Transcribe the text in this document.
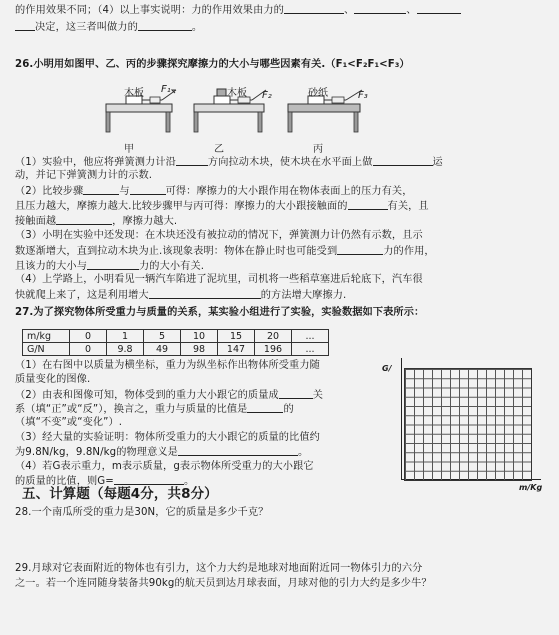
的作用效果不同；（4）以上事实说明：力的作用效果由力的	、	、
决定，这三者叫做力的	。
26.小明用如图甲、乙、丙的步骤探究摩擦力的大小与哪些因素有关.（F₁<F₂F₁<F₃）
木板 F₁
甲
木板 F₂
乙
砂纸	F₃
丙
（1）实验中，他应将弹簧测力计沿	方向拉动木块，使木块在水平面上做	运
动，并记下弹簧测力计的示数.
（2）比较步骤	与	可得：摩擦力的大小跟作用在物体表面上的压力有关，
且压力越大，摩擦力越大.比较步骤甲与丙可得：摩擦力的大小跟接触面的	有关，且
接触面越	，摩擦力越大.
（3）小明在实验中还发现：在木块还没有被拉动的情况下，弹簧测力计仍然有示数，且示
数逐渐增大，直到拉动木块为止.该现象表明：物体在静止时也可能受到	力的作用，
且该力的大小与	力的大小有关.
（4）上学路上，小明看见一辆汽车陷进了泥坑里，司机将一些稻草塞进后轮底下，汽车很
快就爬上来了，这是利用增大	的方法增大摩擦力.
27.为了探究物体所受重力与质量的关系，某实验小组进行了实验，实验数据如下表所示：
m/kg	0	1	5	10	15	20	...
G/N	0	9.8	49	98	147	196	...
（1）在右图中以质量为横坐标，重力为纵坐标作出物体所受重力随
质量变化的图像.
（2）由表和图像可知，物体受到的重力大小跟它的质量成	关
系（填“正”或“反”），换言之，重力与质量的比值是	的
（填“不变”或“变化”）.
（3）经大量的实验证明：物体所受重力的大小跟它的质量的比值约
为9.8N/kg，9.8N/kg的物理意义是	。
（4）若G表示重力，m表示质量，g表示物体所受重力的大小跟它
的质量的比值，则G=	。
G/
m/Kg
五、计算题（每题4分，共8分）
28.一个南瓜所受的重力是30N，它的质量是多少千克？
29.月球对它表面附近的物体也有引力，这个力大约是地球对地面附近同一物体引力的六分
之一。若一个连同随身装备共90kg的航天员到达月球表面，月球对他的引力大约是多少牛？
